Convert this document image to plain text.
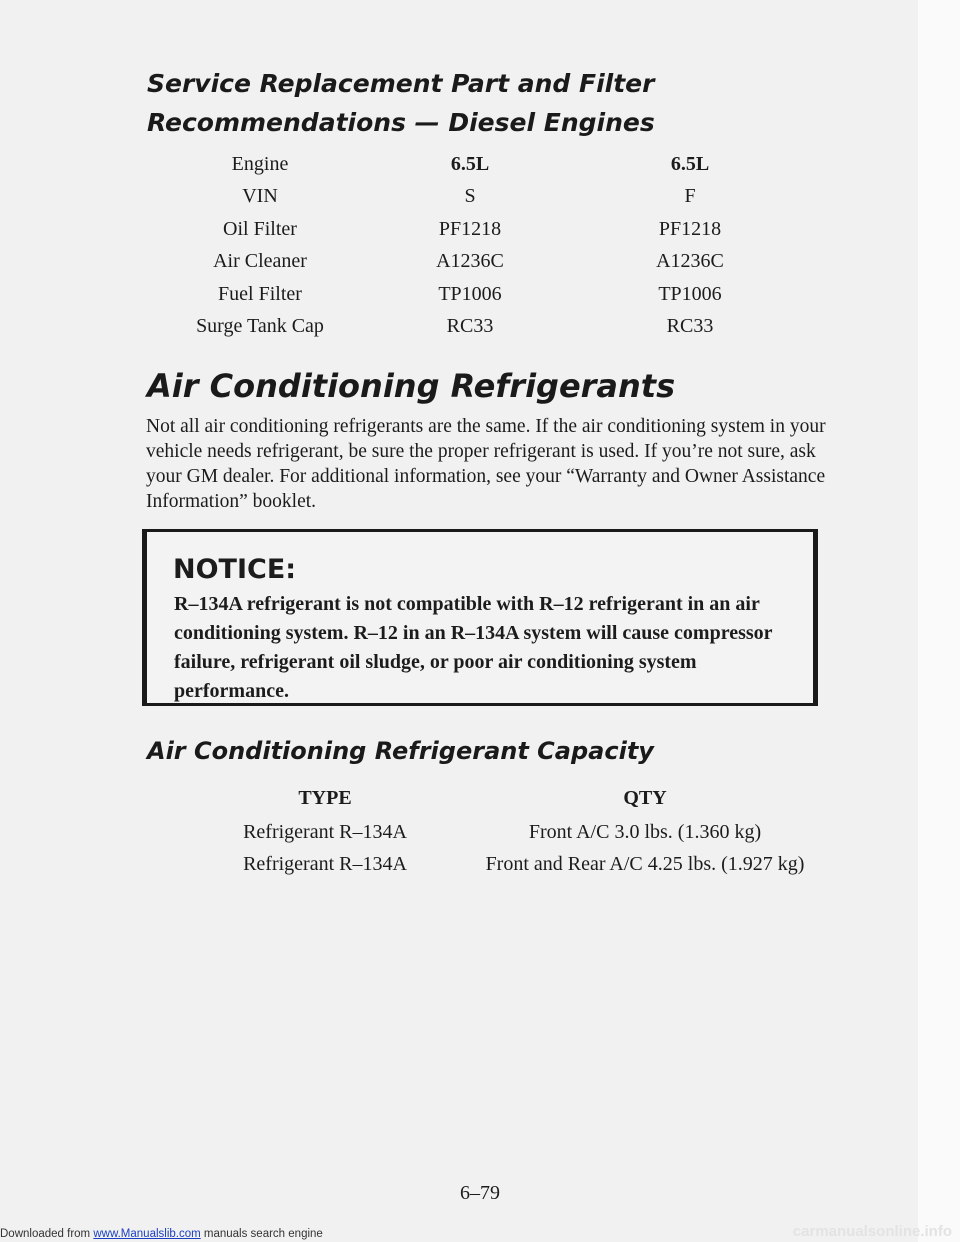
Service Replacement Part and Filter
Recommendations — Diesel Engines
Engine	6.5L	6.5L
VIN	S	F
Oil Filter	PF1218	PF1218
Air Cleaner	A1236C	A1236C
Fuel Filter	TP1006	TP1006
Surge Tank Cap	RC33	RC33
Air Conditioning Refrigerants

Not all air conditioning refrigerants are the same. If the air conditioning system in your vehicle needs refrigerant, be sure the proper refrigerant is used. If you’re not sure, ask your GM dealer. For additional information, see your “Warranty and Owner Assistance Information” booklet.

NOTICE:

R–134A refrigerant is not compatible with R–12 refrigerant in an air conditioning system. R–12 in an R–134A system will cause compressor failure, refrigerant oil sludge, or poor air conditioning system performance.

Air Conditioning Refrigerant Capacity
TYPE	QTY
Refrigerant R–134A	Front A/C 3.0 lbs. (1.360 kg)
Refrigerant R–134A	Front and Rear A/C 4.25 lbs. (1.927 kg)

6–79

Downloaded from www.Manualslib.com manuals search engine	carmanualsonline.info
